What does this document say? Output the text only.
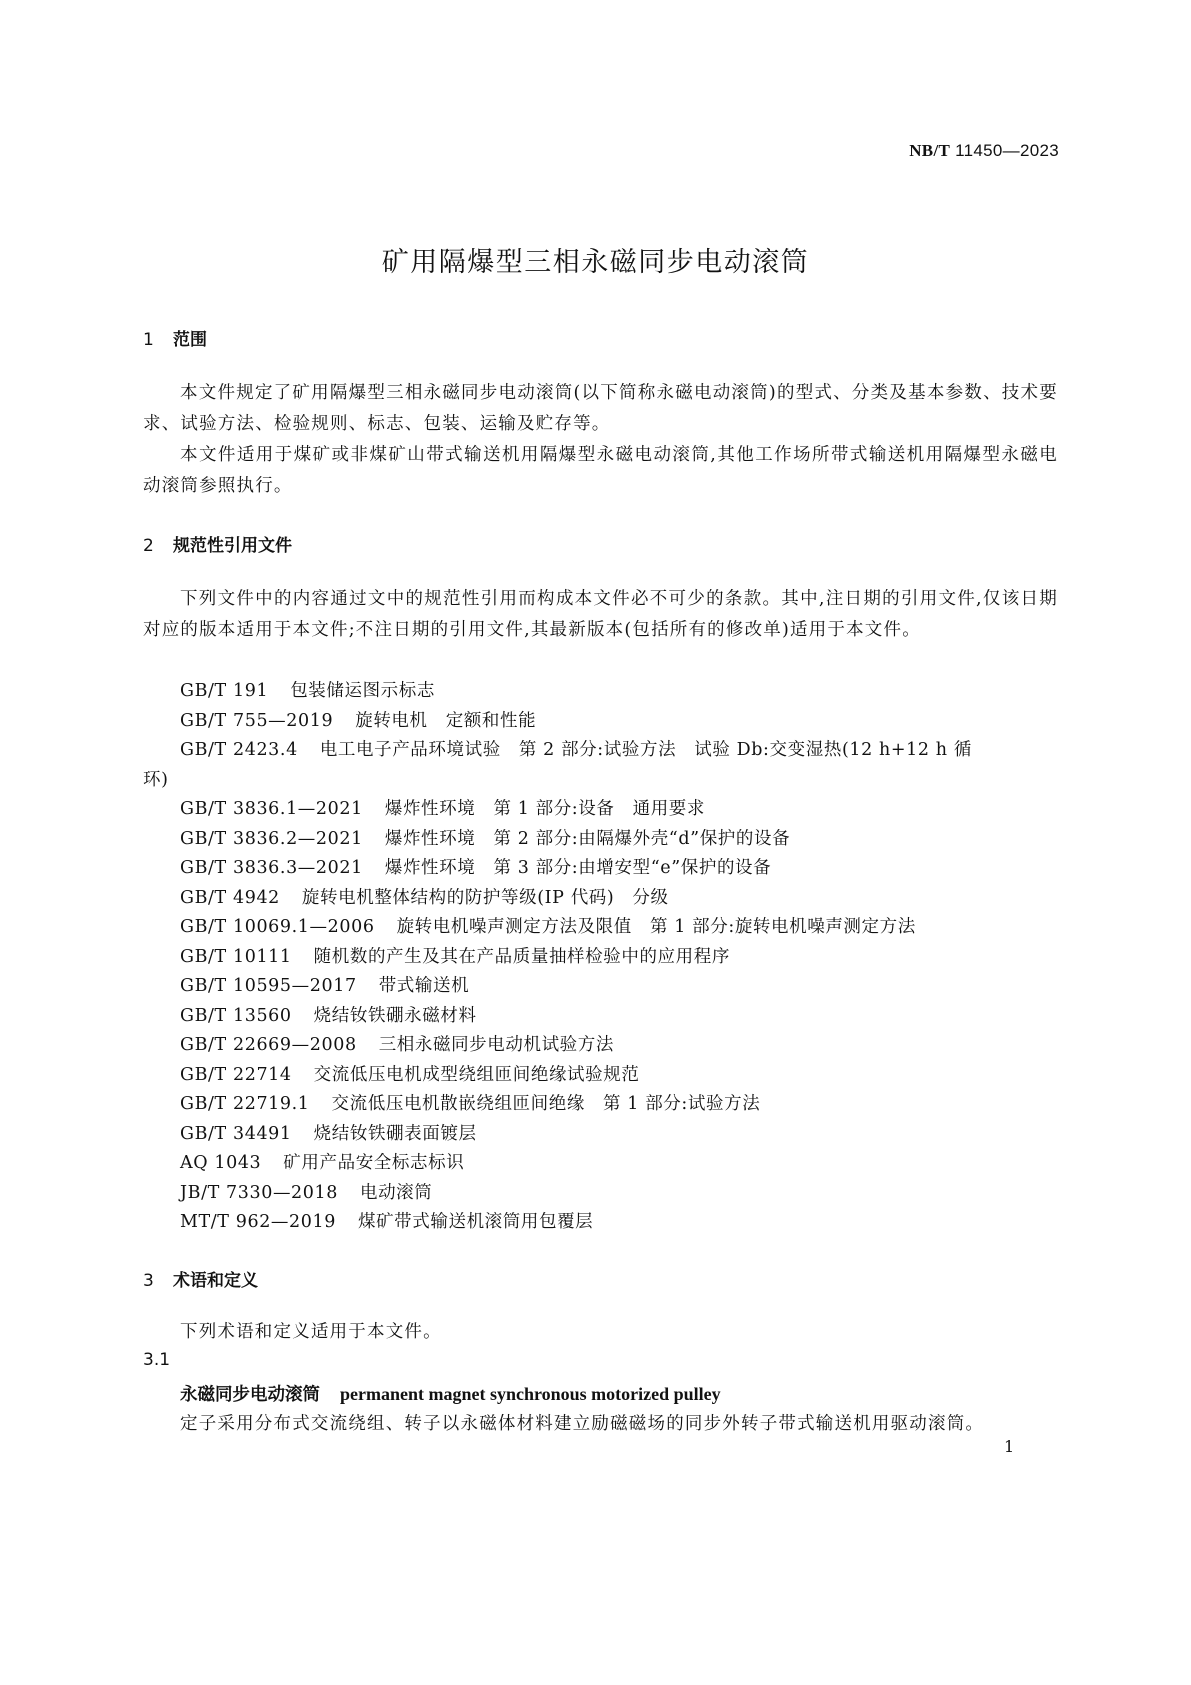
NB/T 11450—2023
矿用隔爆型三相永磁同步电动滚筒
1 范围
本文件规定了矿用隔爆型三相永磁同步电动滚筒(以下简称永磁电动滚筒)的型式、分类及基本参数、技术要求、试验方法、检验规则、标志、包装、运输及贮存等。
本文件适用于煤矿或非煤矿山带式输送机用隔爆型永磁电动滚筒,其他工作场所带式输送机用隔爆型永磁电动滚筒参照执行。
2 规范性引用文件
下列文件中的内容通过文中的规范性引用而构成本文件必不可少的条款。其中,注日期的引用文件,仅该日期对应的版本适用于本文件;不注日期的引用文件,其最新版本(包括所有的修改单)适用于本文件。
GB/T 191 包装储运图示标志
GB/T 755—2019 旋转电机　定额和性能
GB/T 2423.4 电工电子产品环境试验　第 2 部分:试验方法　试验 Db:交变湿热(12 h+12 h 循
环)
GB/T 3836.1—2021 爆炸性环境　第 1 部分:设备　通用要求
GB/T 3836.2—2021 爆炸性环境　第 2 部分:由隔爆外壳“d”保护的设备
GB/T 3836.3—2021 爆炸性环境　第 3 部分:由增安型“e”保护的设备
GB/T 4942 旋转电机整体结构的防护等级(IP 代码)　分级
GB/T 10069.1—2006 旋转电机噪声测定方法及限值　第 1 部分:旋转电机噪声测定方法
GB/T 10111 随机数的产生及其在产品质量抽样检验中的应用程序
GB/T 10595—2017 带式输送机
GB/T 13560 烧结钕铁硼永磁材料
GB/T 22669—2008 三相永磁同步电动机试验方法
GB/T 22714 交流低压电机成型绕组匝间绝缘试验规范
GB/T 22719.1 交流低压电机散嵌绕组匝间绝缘　第 1 部分:试验方法
GB/T 34491 烧结钕铁硼表面镀层
AQ 1043 矿用产品安全标志标识
JB/T 7330—2018 电动滚筒
MT/T 962—2019 煤矿带式输送机滚筒用包覆层
3 术语和定义
下列术语和定义适用于本文件。
3.1
永磁同步电动滚筒 permanent magnet synchronous motorized pulley
定子采用分布式交流绕组、转子以永磁体材料建立励磁磁场的同步外转子带式输送机用驱动滚筒。
1
